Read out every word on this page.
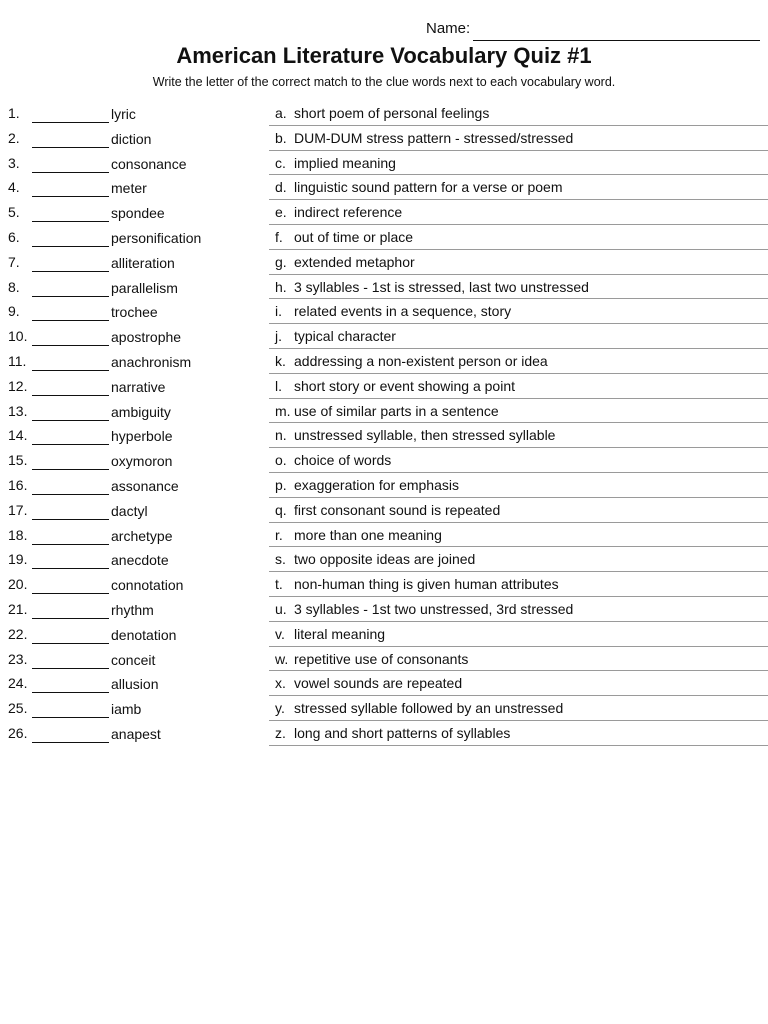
Name:
American Literature Vocabulary Quiz #1
Write the letter of the correct match to the clue words next to each vocabulary word.
1.	lyric	a. short poem of personal feelings
2.	diction	b. DUM-DUM stress pattern - stressed/stressed
3.	consonance	c. implied meaning
4.	meter	d. linguistic sound pattern for a verse or poem
5.	spondee	e. indirect reference
6.	personification	f. out of time or place
7.	alliteration	g. extended metaphor
8.	parallelism	h. 3 syllables - 1st is stressed, last two unstressed
9.	trochee	i. related events in a sequence, story
10.	apostrophe	j. typical character
11.	anachronism	k. addressing a non-existent person or idea
12.	narrative	l. short story or event showing a point
13.	ambiguity	m. use of similar parts in a sentence
14.	hyperbole	n. unstressed syllable, then stressed syllable
15.	oxymoron	o. choice of words
16.	assonance	p. exaggeration for emphasis
17.	dactyl	q. first consonant sound is repeated
18.	archetype	r. more than one meaning
19.	anecdote	s. two opposite ideas are joined
20.	connotation	t. non-human thing is given human attributes
21.	rhythm	u. 3 syllables - 1st two unstressed, 3rd stressed
22.	denotation	v. literal meaning
23.	conceit	w. repetitive use of consonants
24.	allusion	x. vowel sounds are repeated
25.	iamb	y. stressed syllable followed by an unstressed
26.	anapest	z. long and short patterns of syllables
